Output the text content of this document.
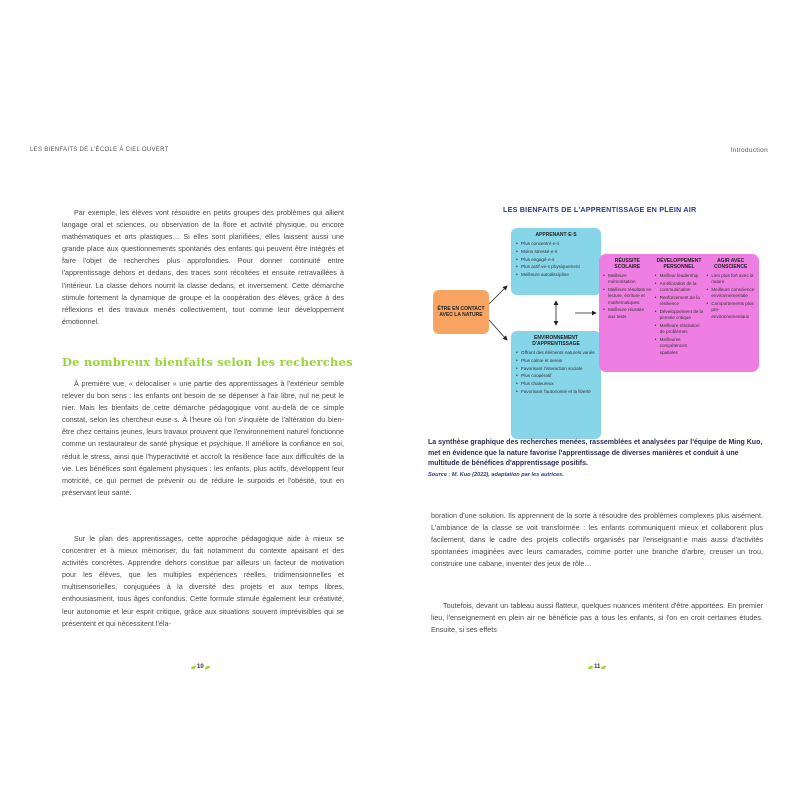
LES BIENFAITS DE L'ÉCOLE À CIEL OUVERT

Par exemple, les élèves vont résoudre en petits groupes des problèmes qui allient langage oral et sciences, ou observation de la flore et activité physique, ou encore mathématiques et arts plastiques… Si elles sont planifiées, elles laissent aussi une grande place aux questionnements spontanés des enfants qui peuvent être intégrés et faire l'objet de recherches plus approfondies. Pour donner continuité entre l'apprentissage dehors et dedans, des traces sont récoltées et ensuite retravaillées à l'intérieur. La classe dehors nourrit la classe dedans, et inversement. Cette démarche stimule fortement la dynamique de groupe et la coopération des élèves, grâce à des réflexions et des travaux menés collectivement, tout comme leur développement émotionnel.

De nombreux bienfaits selon les recherches

À première vue, « délocaliser » une partie des apprentissages à l'extérieur semble relever du bon sens : les enfants ont besoin de se dépenser à l'air libre, nul ne peut le nier. Mais les bienfaits de cette démarche pédagogique vont au-delà de ce simple constat, selon les chercheur·euse·s. À l'heure où l'on s'inquiète de l'altération du bien-être chez certains jeunes, leurs travaux prouvent que l'environnement naturel fonctionne comme un restaurateur de santé physique et psychique. Il améliore la confiance en soi, réduit le stress, ainsi que l'hyperactivité et accroît la résilience face aux difficultés de la vie. Les bénéfices sont également physiques : les enfants, plus actifs, développent leur motricité, ce qui permet de prévenir ou de réduire le surpoids et l'obésité, tout en préservant leur santé.

Sur le plan des apprentissages, cette approche pédagogique aide à mieux se concentrer et à mieux mémoriser, du fait notamment du contexte apaisant et des activités concrètes. Apprendre dehors constitue par ailleurs un facteur de motivation pour les élèves, que les multiples expériences réelles, tridimensionnelles et multisensorielles, conjuguées à la diversité des projets et aux temps libres, enthousiasment, tous âges confondus. Cette formule stimule également leur créativité, leur autonomie et leur esprit critique, grâce aux situations souvent imprévisibles qui se présentent et qui nécessitent l'éla-

10
Introduction
LES BIENFAITS DE L'APPRENTISSAGE EN PLEIN AIR
ÊTRE EN CONTACT AVEC LA NATURE
APPRENANT·E·S
• Plus concentré·e·s
• Moins stressé·e·s
• Plus engagé·e·s
• Plus actif·ve·s physiquement
• Meilleure autodiscipline
ENVIRONNEMENT D'APPRENTISSAGE
• Offrant des éléments naturels variés
• Plus calme et serein
• Favorisant l'interaction sociale
• Plus coopératif
• Plus chaleureux
• Favorisant l'autonomie et la liberté
RÉUSSITE SCOLAIRE
• Meilleure mémorisation
• Meilleurs résultats en lecture, écriture et mathématiques
• Meilleure réussite aux tests
DÉVELOPPEMENT PERSONNEL
• Meilleur leadership
• Amélioration de la communication
• Renforcement de la résilience
• Développement de la pensée critique
• Meilleure résolution de problèmes
• Meilleures compétences spatiales
AGIR AVEC CONSCIENCE
• Lien plus fort avec la nature
• Meilleure conscience environnementale
• Comportements plus pro-environnementaux
La synthèse graphique des recherches menées, rassemblées et analysées par l'équipe de Ming Kuo, met en évidence que la nature favorise l'apprentissage de diverses manières et conduit à une multitude de bénéfices d'apprentissage positifs.
Source : M. Kuo (2022), adaptation par les autrices.

boration d'une solution. Ils apprennent de la sorte à résoudre des problèmes complexes plus aisément. L'ambiance de la classe se voit transformée : les enfants communiquent mieux et collaborent plus facilement, dans le cadre des projets collectifs organisés par l'enseignant·e mais aussi d'activités spontanées imaginées avec leurs camarades, comme porter une branche d'arbre, creuser un trou, construire une cabane, inventer des jeux de rôle…

Toutefois, devant un tableau aussi flatteur, quelques nuances méritent d'être apportées. En premier lieu, l'enseignement en plein air ne bénéficie pas à tous les enfants, si l'on en croit certaines études. Ensuite, si ses effets

11
